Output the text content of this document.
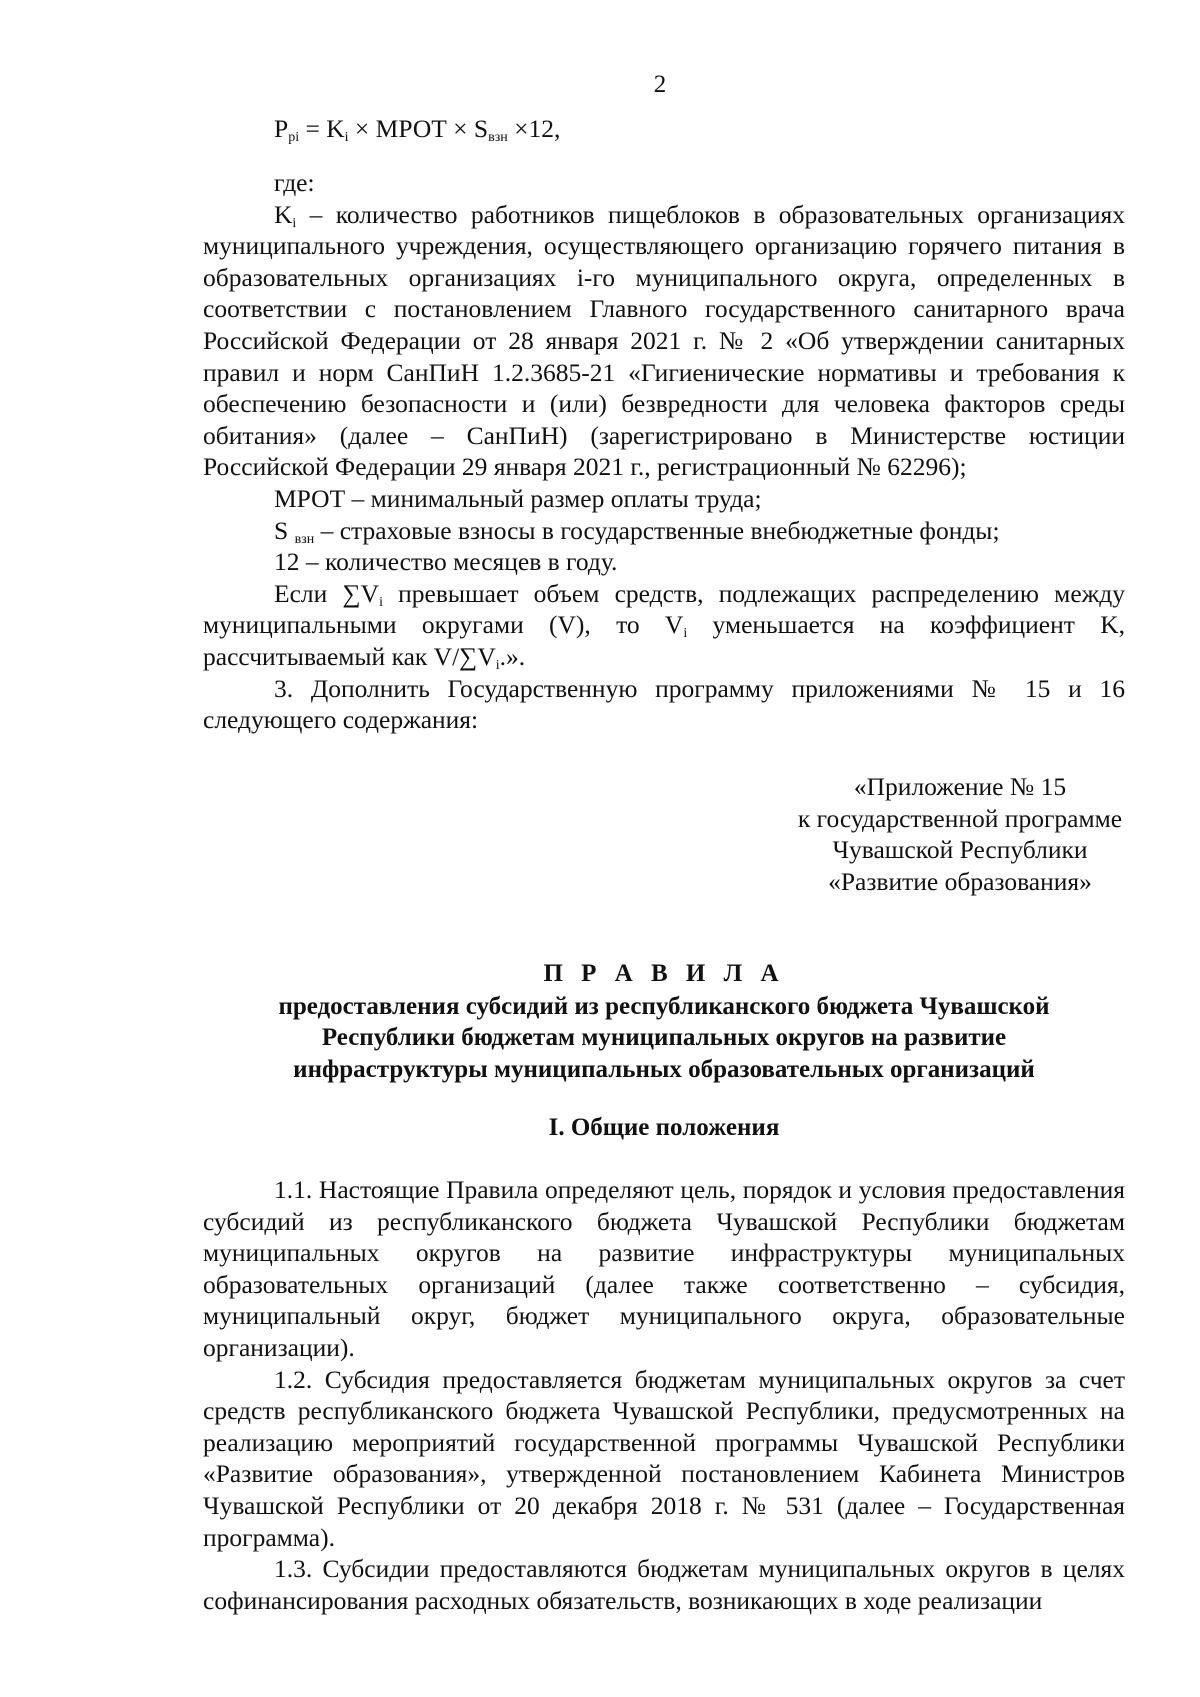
2
$P_{pi} = K_i$ × МРОТ × $S_{взн} \times 12$,

где:

$K_i$ – количество работников пищеблоков в образовательных организациях муниципального учреждения, осуществляющего организацию горячего питания в образовательных организациях i-го муниципального округа, определенных в соответствии с постановлением Главного государственного санитарного врача Российской Федерации от 28 января 2021 г. № 2 «Об утверждении санитарных правил и норм СанПиН 1.2.3685-21 «Гигиенические нормативы и требования к обеспечению безопасности и (или) безвредности для человека факторов среды обитания» (далее – СанПиН) (зарегистрировано в Министерстве юстиции Российской Федерации 29 января 2021 г., регистрационный № 62296);

МРОТ – минимальный размер оплаты труда;

S $_{взн}$ – страховые взносы в государственные внебюджетные фонды;

12 – количество месяцев в году.

Если $\sum V_i$ превышает объем средств, подлежащих распределению между муниципальными округами (V), то $V_i$ уменьшается на коэффициент K, рассчитываемый как $V/\sum V_i$.».

3. Дополнить Государственную программу приложениями № 15 и 16 следующего содержания:

«Приложение № 15
к государственной программе
Чувашской Республики
«Развитие образования»
П Р А В И Л А
предоставления субсидий из республиканского бюджета Чувашской
Республики бюджетам муниципальных округов на развитие
инфраструктуры муниципальных образовательных организаций
I. Общие положения

1.1. Настоящие Правила определяют цель, порядок и условия предоставления субсидий из республиканского бюджета Чувашской Республики бюджетам муниципальных округов на развитие инфраструктуры муниципальных образовательных организаций (далее также соответственно – субсидия, муниципальный округ, бюджет муниципального округа, образовательные организации).

1.2. Субсидия предоставляется бюджетам муниципальных округов за счет средств республиканского бюджета Чувашской Республики, предусмотренных на реализацию мероприятий государственной программы Чувашской Республики «Развитие образования», утвержденной постановлением Кабинета Министров Чувашской Республики от 20 декабря 2018 г. № 531 (далее – Государственная программа).

1.3. Субсидии предоставляются бюджетам муниципальных округов в целях софинансирования расходных обязательств, возникающих в ходе реализации
